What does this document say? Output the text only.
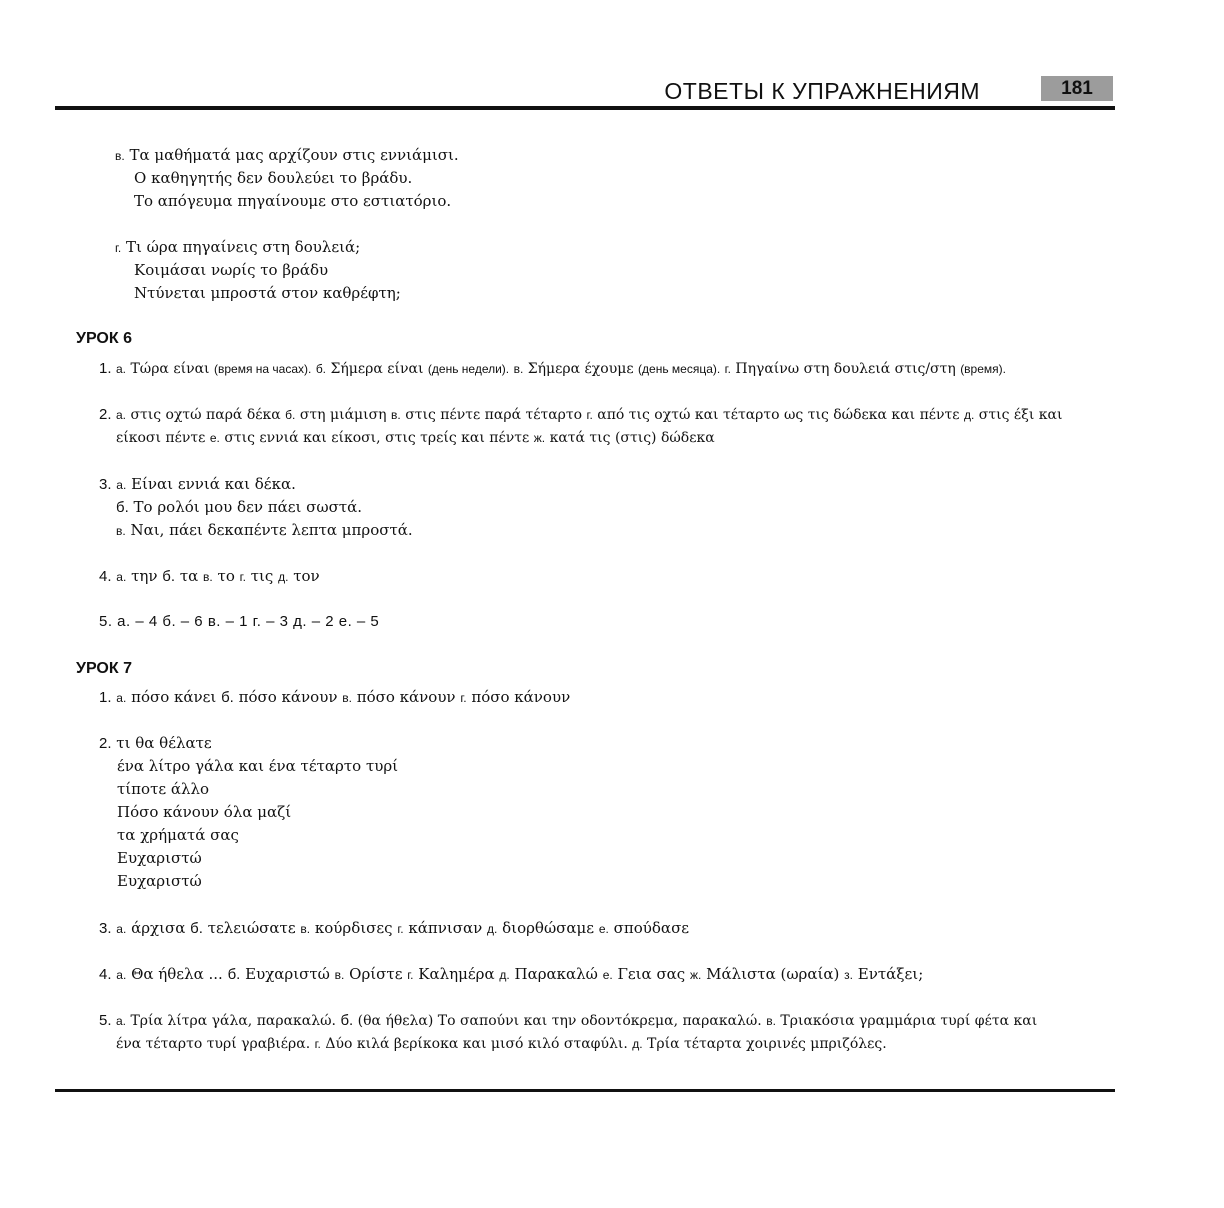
ОТВЕТЫ К УПРАЖНЕНИЯМ	181
в. Τα μαθήματά μας αρχίζουν στις εννιάμισι.
Ο καθηγητής δεν δουλεύει το βράδυ.
Το απόγευμα πηγαίνουμε στο εστιατόριο.
г. Τι ώρα πηγαίνεις στη δουλειά;
Κοιμάσαι νωρίς το βράδυ
Ντύνεται μπροστά στον καθρέφτη;
УРОК 6
1. а. Τώρα είναι (время на часах). б. Σήμερα είναι (день недели). в. Σήμερα έχουμε (день месяца). г. Πηγαίνω στη δουλειά στις/στη (время).
2. а. στις οχτώ παρά δέκα б. στη μιάμιση в. στις πέντε παρά τέταρτο г. από τις οχτώ και τέταρτο ως τις δώδεκα και πέντε д. στις έξι και
είκοσι πέντε е. στις εννιά και είκοσι, στις τρείς και πέντε ж. κατά τις (στις) δώδεκα
3. а. Είναι εννιά και δέκα.
б. Το ρολόι μου δεν πάει σωστά.
в. Ναι, πάει δεκαπέντε λεπτα μπροστά.
4. а. την б. τα в. το г. τις д. τον
5. а. – 4 б. – 6 в. – 1 г. – 3 д. – 2 е. – 5
УРОК 7
1. а. πόσο κάνει б. πόσο κάνουν в. πόσο κάνουν г. πόσο κάνουν
2. τι θα θέλατε
ένα λίτρο γάλα και ένα τέταρτο τυρί
τίποτε άλλο
Πόσο κάνουν όλα μαζί
τα χρήματά σας
Ευχαριστώ
Ευχαριστώ
3. а. άρχισα б. τελειώσατε в. κούρδισες г. κάπνισαν д. διορθώσαμε е. σπούδασε
4. а. Θα ήθελα ... б. Ευχαριστώ в. Ορίστε г. Καλημέρα д. Παρακαλώ е. Γεια σας ж. Μάλιστα (ωραία) з. Εντάξει;
5. а. Τρία λίτρα γάλα, παρακαλώ. б. (θα ήθελα) Το σαπούνι και την οδοντόκρεμα, παρακαλώ. в. Τριακόσια γραμμάρια τυρί φέτα και
ένα τέταρτο τυρί γραβιέρα. г. Δύο κιλά βερίκοκα και μισό κιλό σταφύλι. д. Τρία τέταρτα χοιρινές μπριζόλες.
